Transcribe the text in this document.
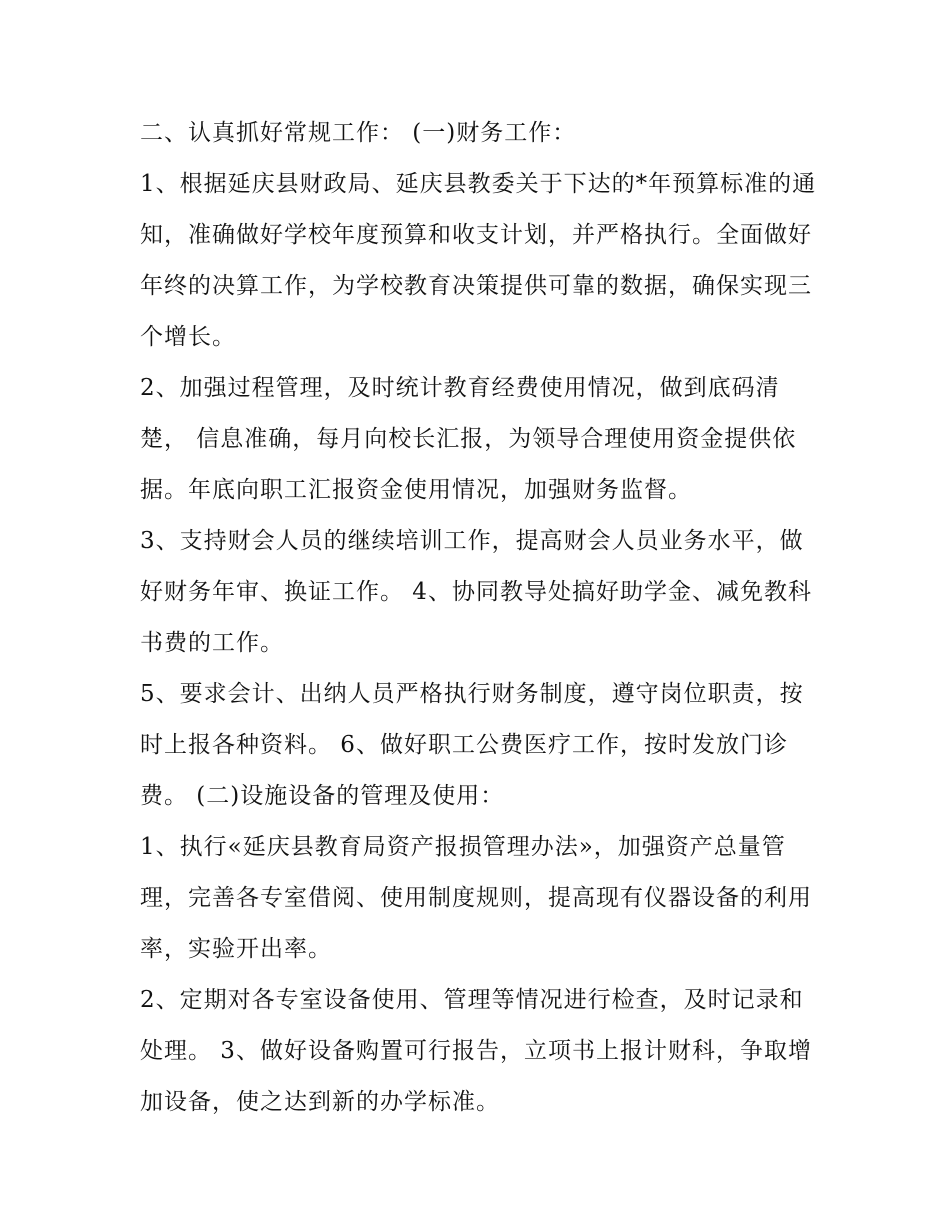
二、认真抓好常规工作： (一)财务工作：

1、根据延庆县财政局、延庆县教委关于下达的*年预算标准的通知，准确做好学校年度预算和收支计划，并严格执行。全面做好年终的决算工作，为学校教育决策提供可靠的数据，确保实现三个增长。

2、加强过程管理，及时统计教育经费使用情况，做到底码清楚， 信息准确，每月向校长汇报，为领导合理使用资金提供依据。年底向职工汇报资金使用情况，加强财务监督。

3、支持财会人员的继续培训工作，提高财会人员业务水平，做好财务年审、换证工作。 4、协同教导处搞好助学金、减免教科书费的工作。

5、要求会计、出纳人员严格执行财务制度，遵守岗位职责，按时上报各种资料。 6、做好职工公费医疗工作，按时发放门诊费。 (二)设施设备的管理及使用：

1、执行«延庆县教育局资产报损管理办法»，加强资产总量管理，完善各专室借阅、使用制度规则，提高现有仪器设备的利用率，实验开出率。

2、定期对各专室设备使用、管理等情况进行检查，及时记录和处理。 3、做好设备购置可行报告，立项书上报计财科，争取增加设备，使之达到新的办学标准。
